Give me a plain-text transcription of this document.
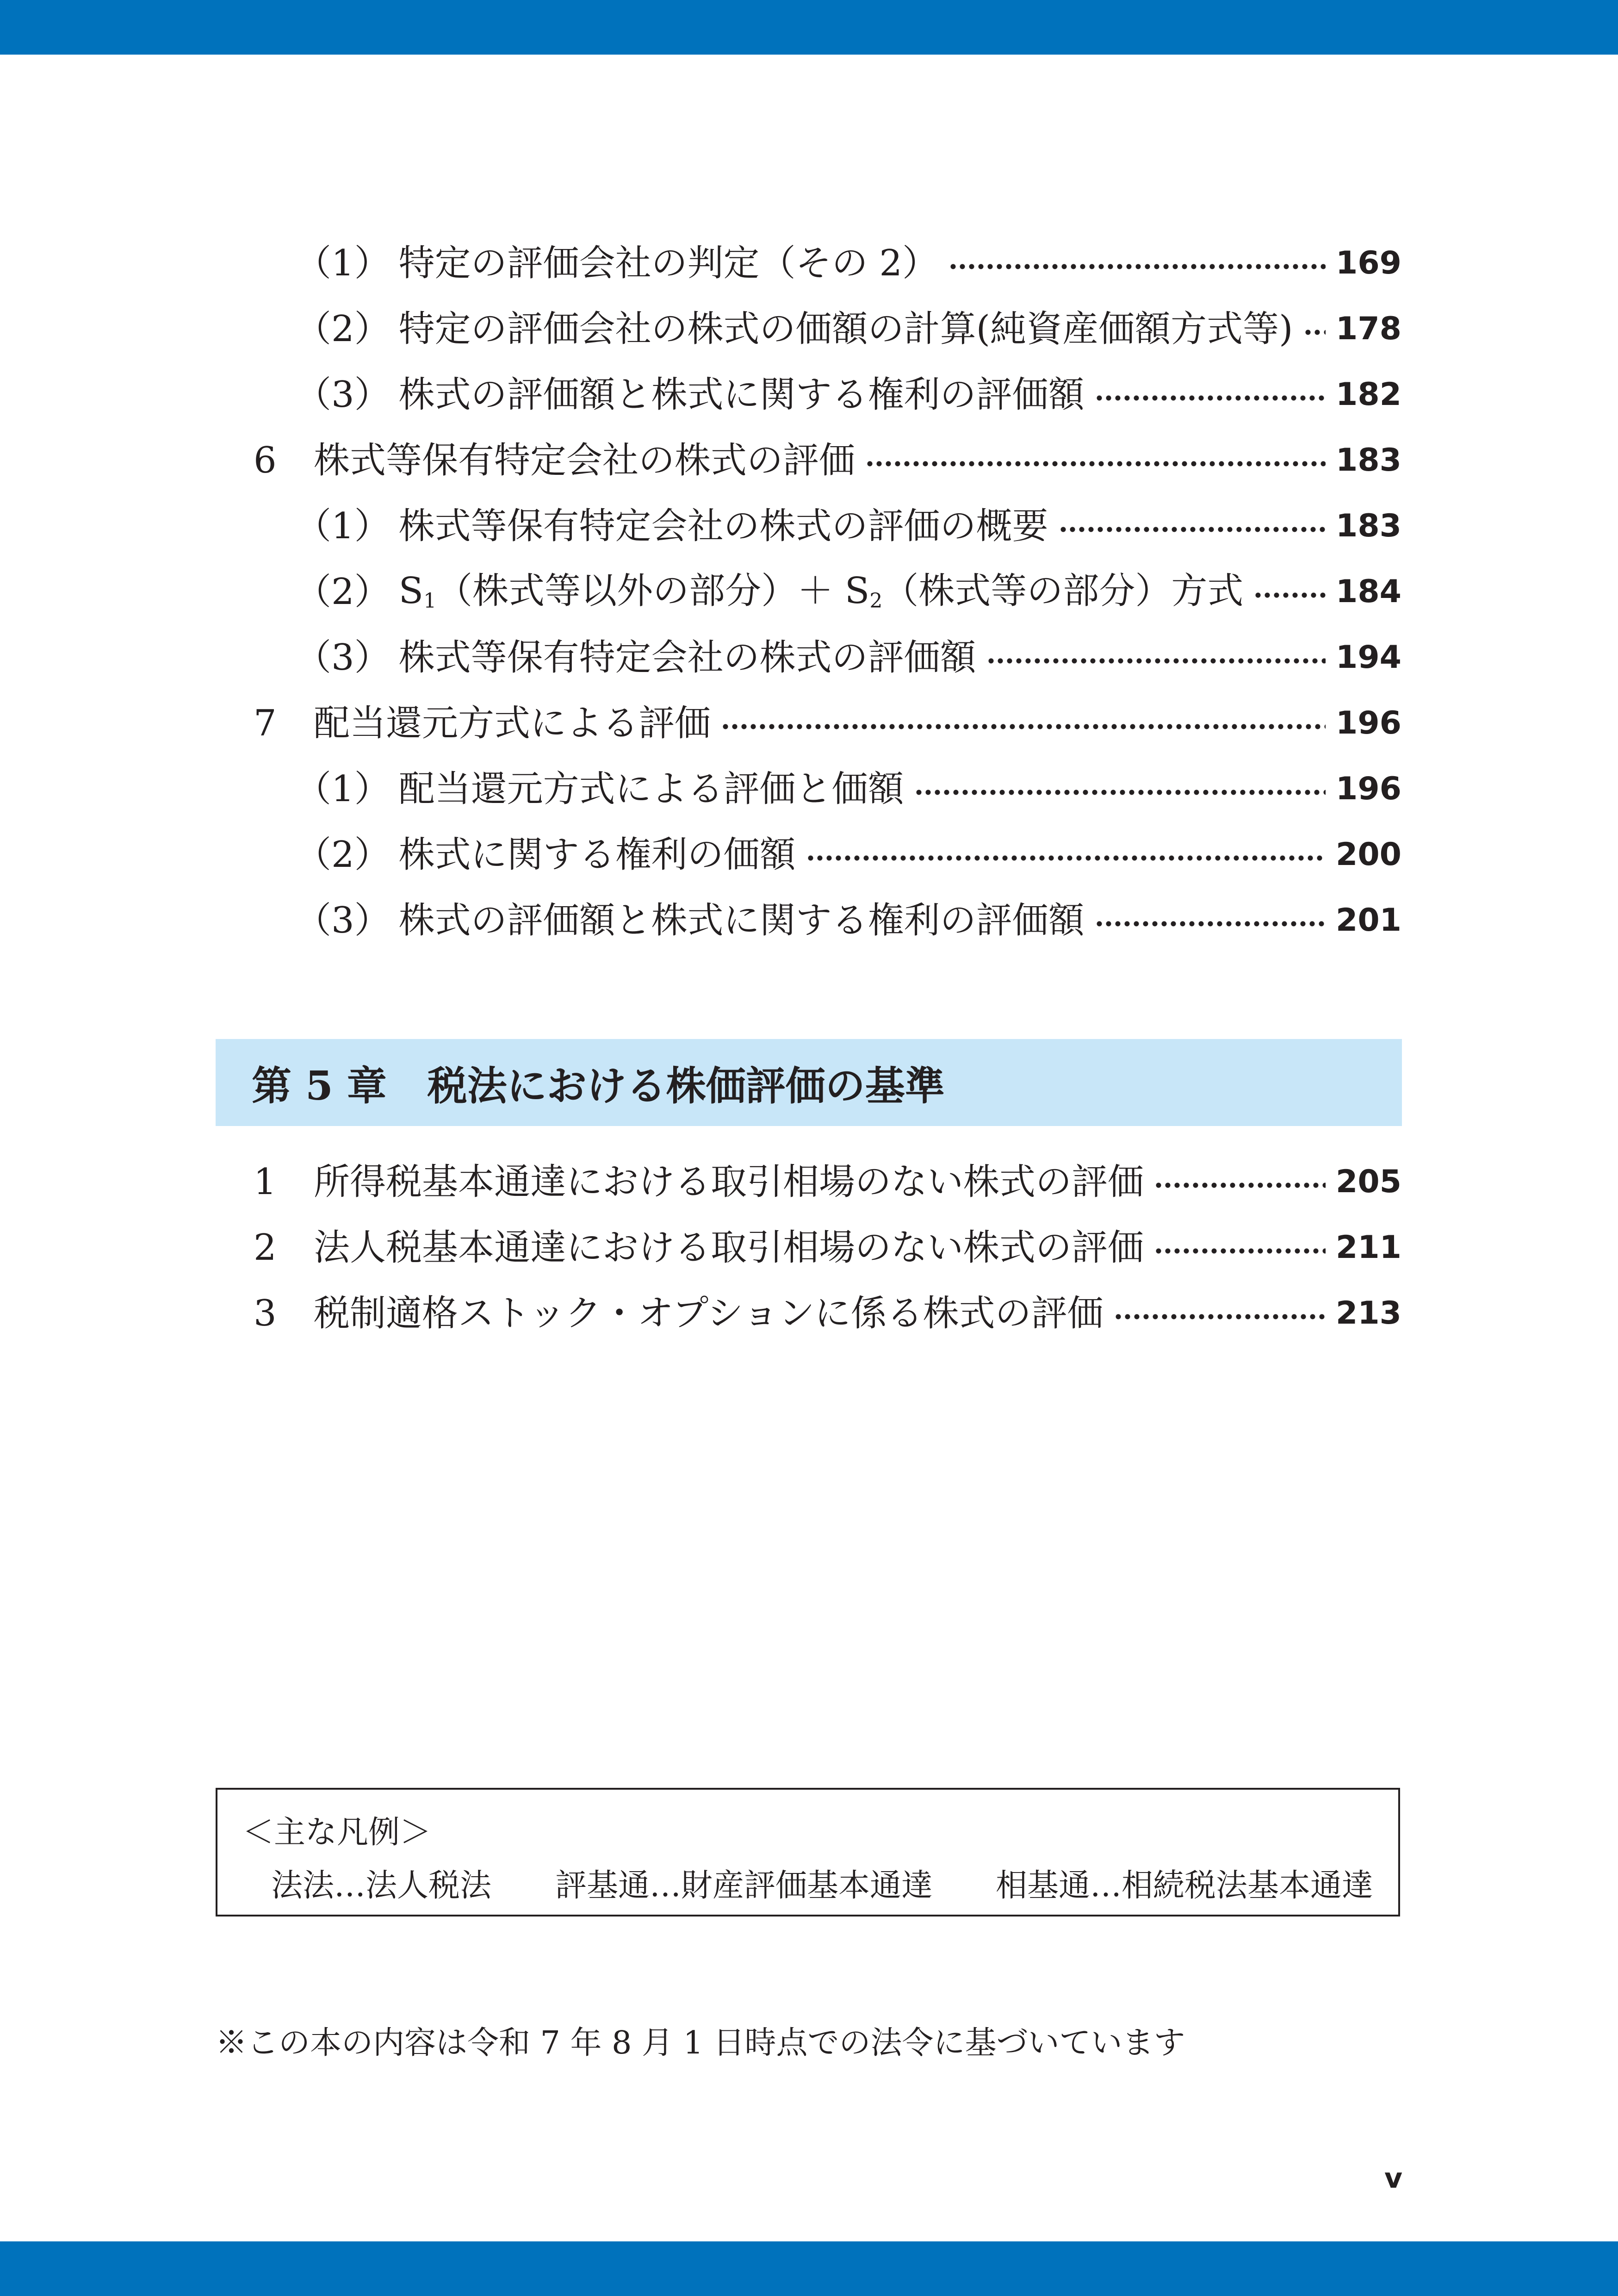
（1） 特定の評価会社の判定（その 2）	169
（2） 特定の評価会社の株式の価額の計算(純資産価額方式等) 178
（3） 株式の評価額と株式に関する権利の評価額	182
6	株式等保有特定会社の株式の評価	183
（1） 株式等保有特定会社の株式の評価の概要	183
（2） $S_1$（株式等以外の部分）＋ $S_2$（株式等の部分）方式	184
（3） 株式等保有特定会社の株式の評価額	194
7	配当還元方式による評価	196
（1） 配当還元方式による評価と価額	196
（2） 株式に関する権利の価額	200
（3） 株式の評価額と株式に関する権利の評価額	201
第 5 章 税法における株価評価の基準
1	所得税基本通達における取引相場のない株式の評価	205
2	法人税基本通達における取引相場のない株式の評価	211
3	税制適格ストック・オプションに係る株式の評価	213
＜主な凡例＞
法法…法人税法 評基通…財産評価基本通達 相基通…相続税法基本通達
※この本の内容は令和 7 年 8 月 1 日時点での法令に基づいています
v
